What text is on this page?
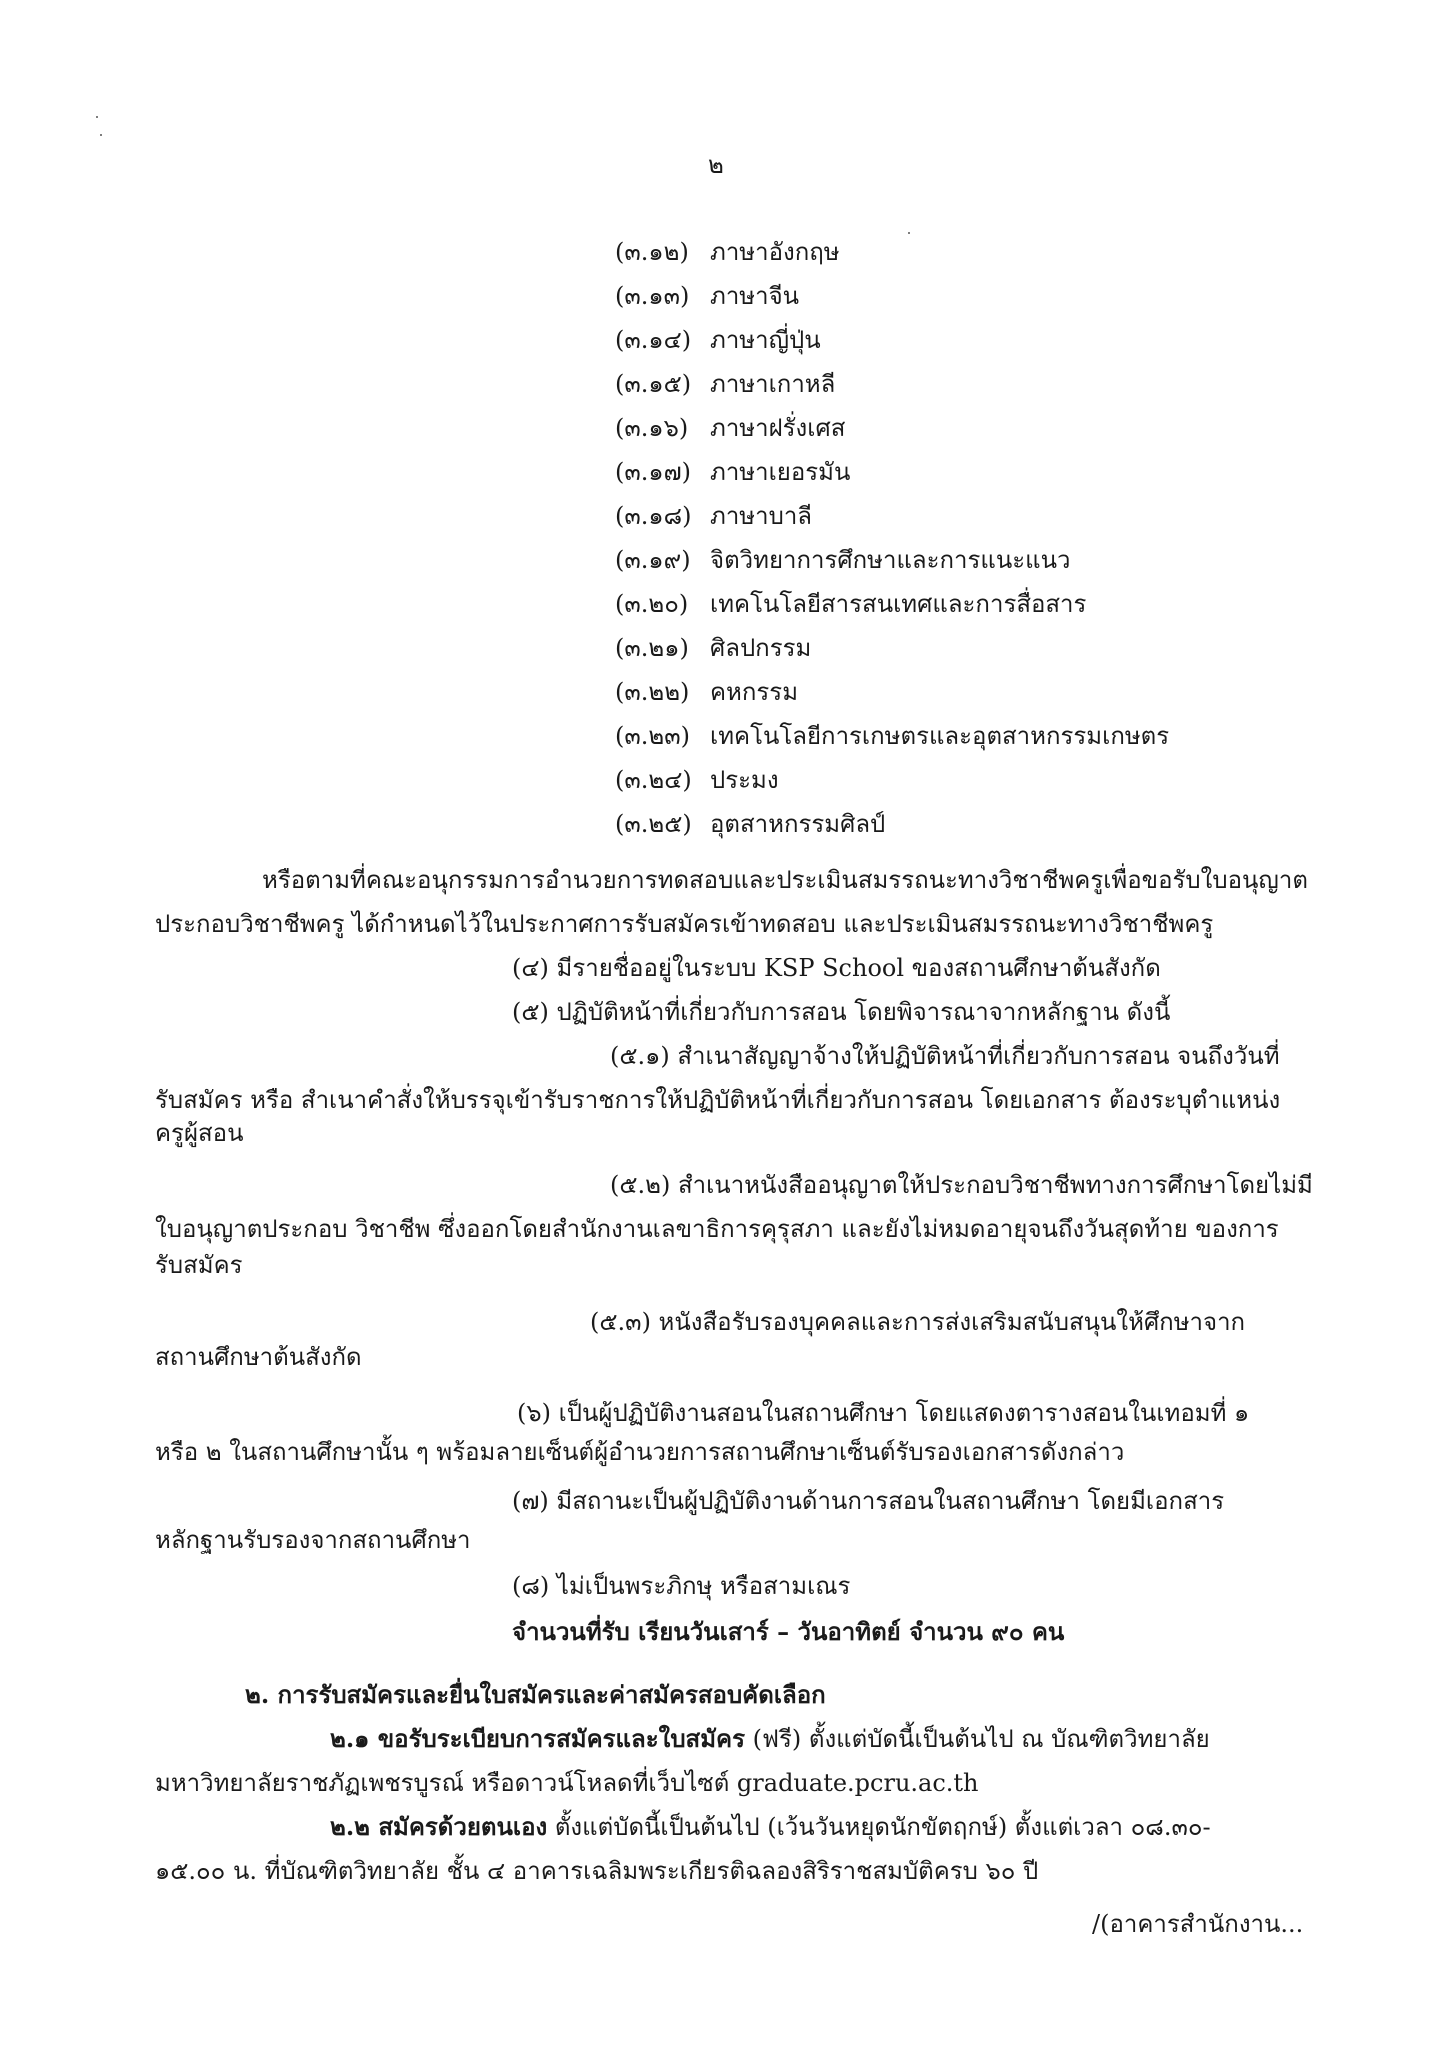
๒
(๓.๑๒) ภาษาอังกฤษ
(๓.๑๓) ภาษาจีน
(๓.๑๔) ภาษาญี่ปุ่น
(๓.๑๕) ภาษาเกาหลี
(๓.๑๖) ภาษาฝรั่งเศส
(๓.๑๗) ภาษาเยอรมัน
(๓.๑๘) ภาษาบาลี
(๓.๑๙) จิตวิทยาการศึกษาและการแนะแนว
(๓.๒๐) เทคโนโลยีสารสนเทศและการสื่อสาร
(๓.๒๑) ศิลปกรรม
(๓.๒๒) คหกรรม
(๓.๒๓) เทคโนโลยีการเกษตรและอุตสาหกรรมเกษตร
(๓.๒๔) ประมง
(๓.๒๕) อุตสาหกรรมศิลป์
หรือตามที่คณะอนุกรรมการอำนวยการทดสอบและประเมินสมรรถนะทางวิชาชีพครูเพื่อขอรับใบอนุญาต
ประกอบวิชาชีพครู ได้กำหนดไว้ในประกาศการรับสมัครเข้าทดสอบ และประเมินสมรรถนะทางวิชาชีพครู
(๔) มีรายชื่ออยู่ในระบบ KSP School ของสถานศึกษาต้นสังกัด
(๕) ปฏิบัติหน้าที่เกี่ยวกับการสอน โดยพิจารณาจากหลักฐาน ดังนี้
(๕.๑) สำเนาสัญญาจ้างให้ปฏิบัติหน้าที่เกี่ยวกับการสอน จนถึงวันที่
รับสมัคร หรือ สำเนาคำสั่งให้บรรจุเข้ารับราชการให้ปฏิบัติหน้าที่เกี่ยวกับการสอน โดยเอกสาร ต้องระบุตำแหน่ง
ครูผู้สอน
(๕.๒) สำเนาหนังสืออนุญาตให้ประกอบวิชาชีพทางการศึกษาโดยไม่มี
ใบอนุญาตประกอบ วิชาชีพ ซึ่งออกโดยสำนักงานเลขาธิการคุรุสภา และยังไม่หมดอายุจนถึงวันสุดท้าย ของการ
รับสมัคร
(๕.๓) หนังสือรับรองบุคคลและการส่งเสริมสนับสนุนให้ศึกษาจาก
สถานศึกษาต้นสังกัด
(๖) เป็นผู้ปฏิบัติงานสอนในสถานศึกษา โดยแสดงตารางสอนในเทอมที่ ๑
หรือ ๒ ในสถานศึกษานั้น ๆ พร้อมลายเซ็นต์ผู้อำนวยการสถานศึกษาเซ็นต์รับรองเอกสารดังกล่าว
(๗) มีสถานะเป็นผู้ปฏิบัติงานด้านการสอนในสถานศึกษา โดยมีเอกสาร
หลักฐานรับรองจากสถานศึกษา
(๘) ไม่เป็นพระภิกษุ หรือสามเณร
จำนวนที่รับ เรียนวันเสาร์ – วันอาทิตย์ จำนวน ๙๐ คน
๒. การรับสมัครและยื่นใบสมัครและค่าสมัครสอบคัดเลือก
๒.๑ ขอรับระเบียบการสมัครและใบสมัคร (ฟรี) ตั้งแต่บัดนี้เป็นต้นไป ณ บัณฑิตวิทยาลัย
มหาวิทยาลัยราชภัฏเพชรบูรณ์ หรือดาวน์โหลดที่เว็บไซต์ graduate.pcru.ac.th
๒.๒ สมัครด้วยตนเอง ตั้งแต่บัดนี้เป็นต้นไป (เว้นวันหยุดนักขัตฤกษ์) ตั้งแต่เวลา ๐๘.๓๐-
๑๕.๐๐ น. ที่บัณฑิตวิทยาลัย ชั้น ๔ อาคารเฉลิมพระเกียรติฉลองสิริราชสมบัติครบ ๖๐ ปี
/(อาคารสำนักงาน...
